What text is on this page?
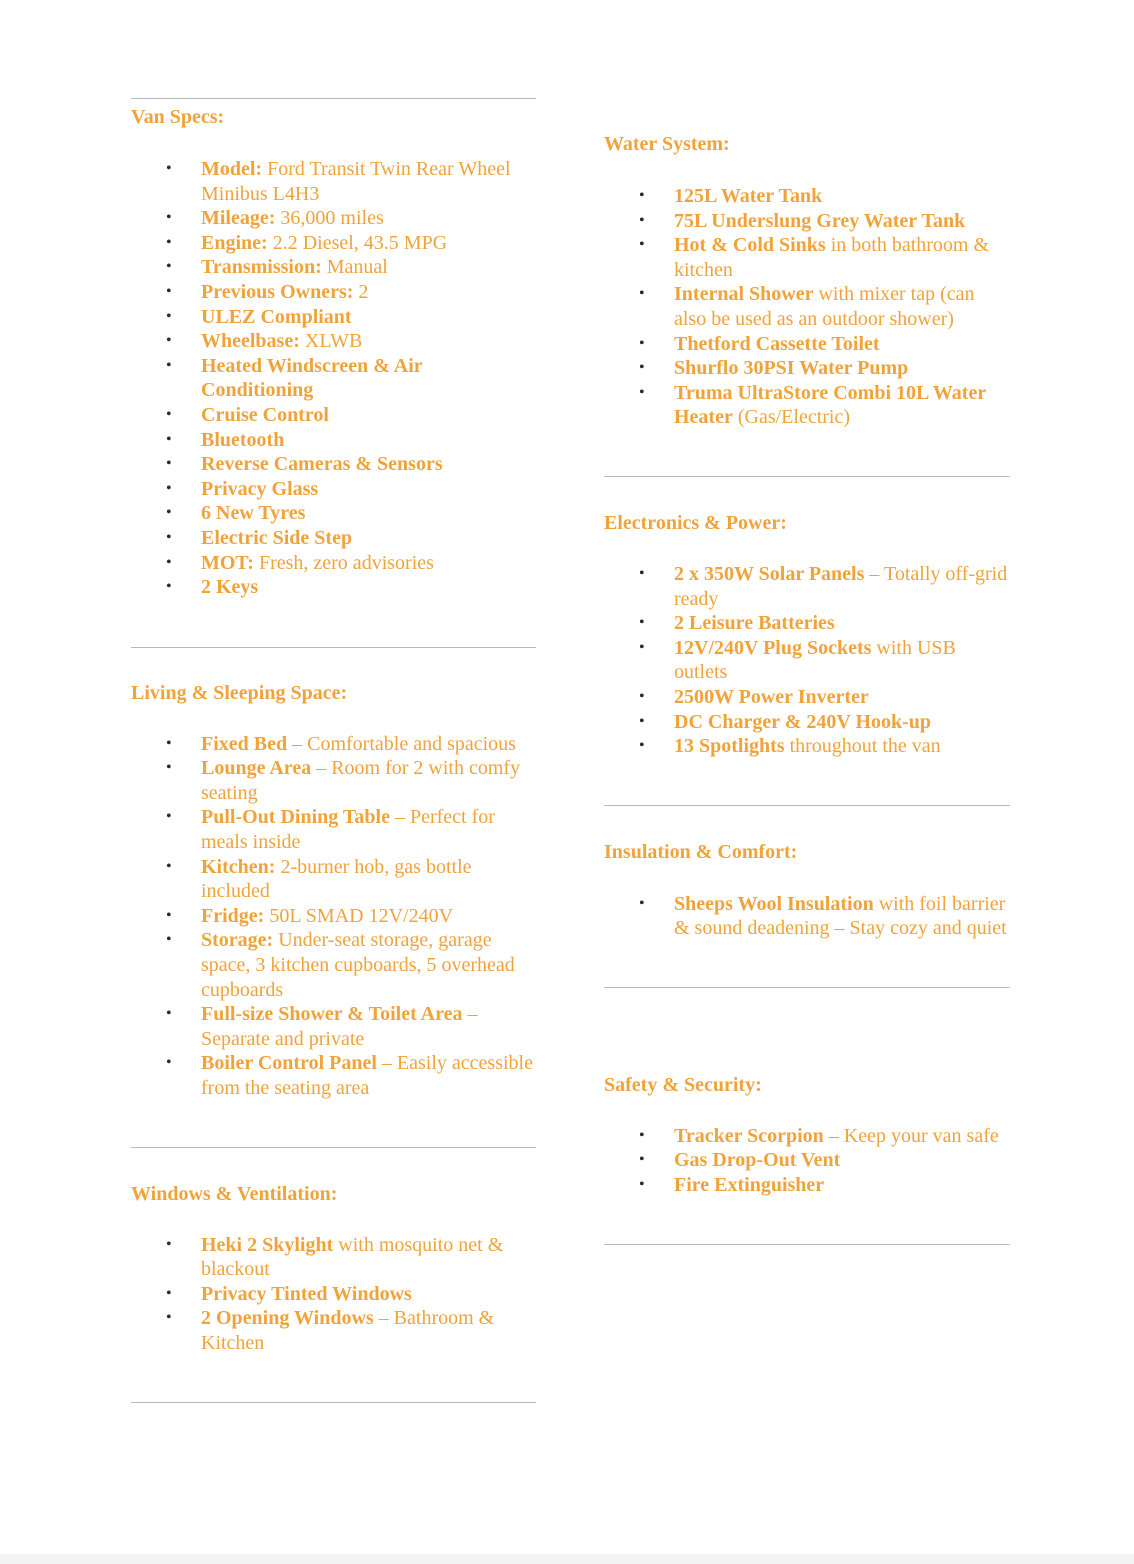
Van Specs:
• Model: Ford Transit Twin Rear Wheel Minibus L4H3
• Mileage: 36,000 miles
• Engine: 2.2 Diesel, 43.5 MPG
• Transmission: Manual
• Previous Owners: 2
• ULEZ Compliant
• Wheelbase: XLWB
• Heated Windscreen & Air Conditioning
• Cruise Control
• Bluetooth
• Reverse Cameras & Sensors
• Privacy Glass
• 6 New Tyres
• Electric Side Step
• MOT: Fresh, zero advisories
• 2 Keys
Living & Sleeping Space:
• Fixed Bed – Comfortable and spacious
• Lounge Area – Room for 2 with comfy seating
• Pull-Out Dining Table – Perfect for meals inside
• Kitchen: 2-burner hob, gas bottle included
• Fridge: 50L SMAD 12V/240V
• Storage: Under-seat storage, garage space, 3 kitchen cupboards, 5 overhead cupboards
• Full-size Shower & Toilet Area – Separate and private
• Boiler Control Panel – Easily accessible from the seating area
Windows & Ventilation:
• Heki 2 Skylight with mosquito net & blackout
• Privacy Tinted Windows
• 2 Opening Windows – Bathroom & Kitchen
Water System:
• 125L Water Tank
• 75L Underslung Grey Water Tank
• Hot & Cold Sinks in both bathroom & kitchen
• Internal Shower with mixer tap (can also be used as an outdoor shower)
• Thetford Cassette Toilet
• Shurflo 30PSI Water Pump
• Truma UltraStore Combi 10L Water Heater (Gas/Electric)
Electronics & Power:
• 2 x 350W Solar Panels – Totally off-grid ready
• 2 Leisure Batteries
• 12V/240V Plug Sockets with USB outlets
• 2500W Power Inverter
• DC Charger & 240V Hook-up
• 13 Spotlights throughout the van
Insulation & Comfort:
• Sheeps Wool Insulation with foil barrier & sound deadening – Stay cozy and quiet
Safety & Security:
• Tracker Scorpion – Keep your van safe
• Gas Drop-Out Vent
• Fire Extinguisher
